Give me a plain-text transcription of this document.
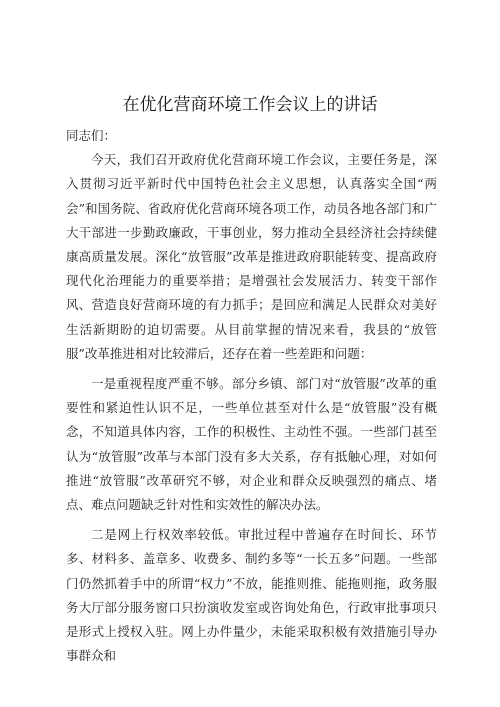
在优化营商环境工作会议上的讲话

同志们：

今天，我们召开政府优化营商环境工作会议，主要任务是，深入贯彻习近平新时代中国特色社会主义思想，认真落实全国“两会”和国务院、省政府优化营商环境各项工作，动员各地各部门和广大干部进一步勤政廉政，干事创业，努力推动全县经济社会持续健康高质量发展。深化“放管服”改革是推进政府职能转变、提高政府现代化治理能力的重要举措；是增强社会发展活力、转变干部作风、营造良好营商环境的有力抓手；是回应和满足人民群众对美好生活新期盼的迫切需要。从目前掌握的情况来看，我县的“放管服”改革推进相对比较滞后，还存在着一些差距和问题：

一是重视程度严重不够。部分乡镇、部门对“放管服”改革的重要性和紧迫性认识不足，一些单位甚至对什么是“放管服”没有概念，不知道具体内容，工作的积极性、主动性不强。一些部门甚至认为“放管服”改革与本部门没有多大关系，存有抵触心理，对如何推进“放管服”改革研究不够，对企业和群众反映强烈的痛点、堵点、难点问题缺乏针对性和实效性的解决办法。

二是网上行权效率较低。审批过程中普遍存在时间长、环节多、材料多、盖章多、收费多、制约多等“一长五多”问题。一些部门仍然抓着手中的所谓“权力”不放，能推则推、能拖则拖，政务服务大厅部分服务窗口只扮演收发室或咨询处角色，行政审批事项只是形式上授权入驻。网上办件量少，未能采取积极有效措施引导办事群众和
